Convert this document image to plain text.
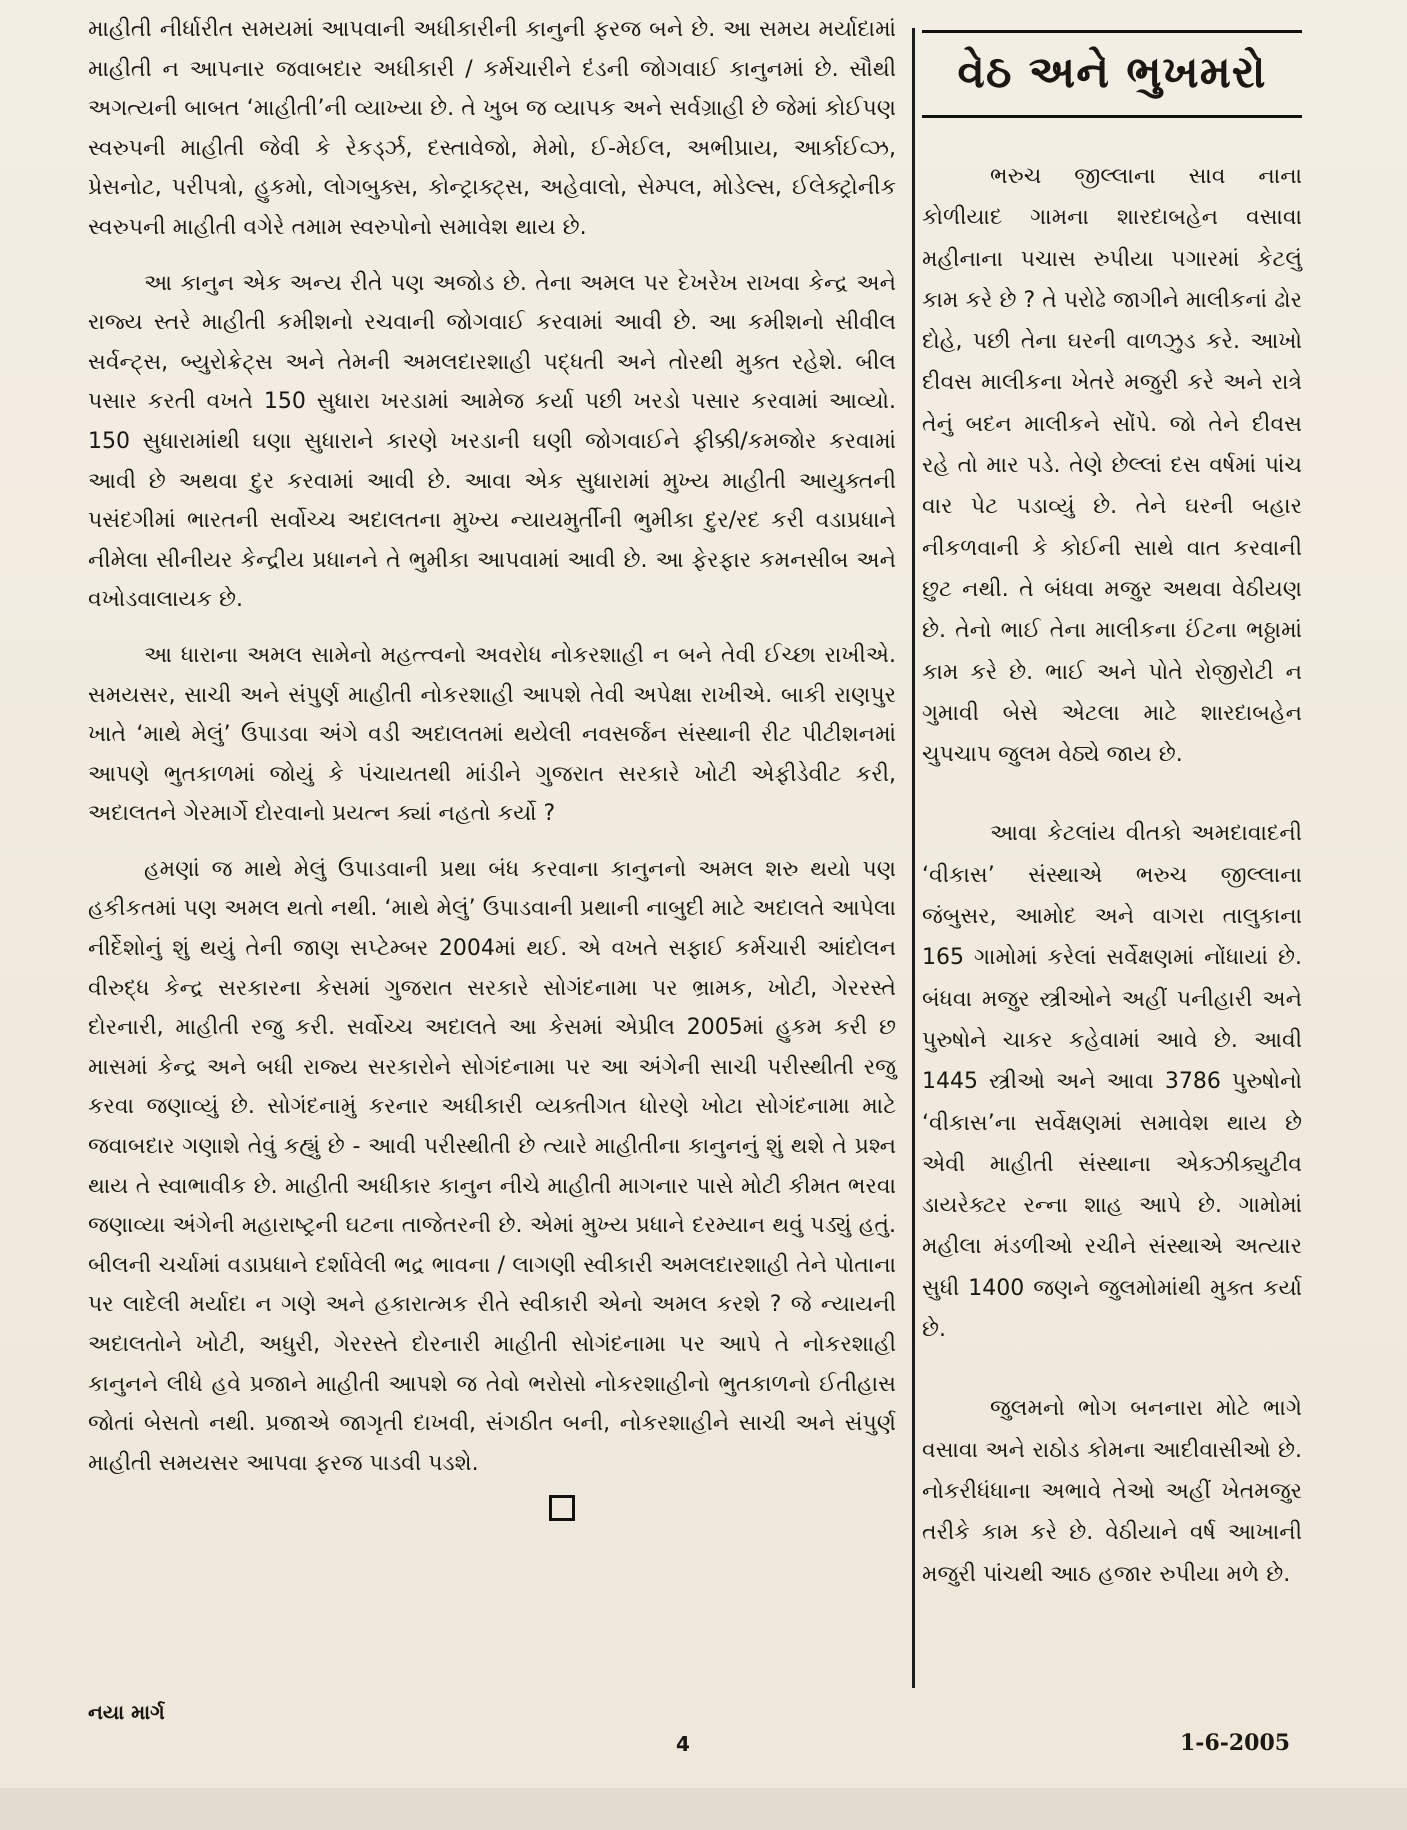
માહીતી નીર્ધારીત સમયમાં આપવાની અધીકારીની કાનુની ફરજ બને છે. આ સમય મર્યાદામાં માહીતી ન આપનાર જવાબદાર અધીકારી / કર્મચારીને દંડની જોગવાઈ કાનુનમાં છે. સૌથી અગત્યની બાબત ‘માહીતી’ની વ્યાખ્યા છે. તે ખુબ જ વ્યાપક અને સર્વગ્રાહી છે જેમાં કોઈપણ સ્વરુપની માહીતી જેવી કે રેકર્ડ્ઝ, દસ્તાવેજો, મેમો, ઈ-મેઈલ, અભીપ્રાય, આર્કાઈવ્ઝ, પ્રેસનોટ, પરીપત્રો, હુકમો, લોગબુક્સ, કોન્ટ્રાક્ટ્સ, અહેવાલો, સેમ્પલ, મોડેલ્સ, ઈલેક્ટ્રોનીક સ્વરુપની માહીતી વગેરે તમામ સ્વરુપોનો સમાવેશ થાય છે.

આ કાનુન એક અન્ય રીતે પણ અજોડ છે. તેના અમલ પર દેખરેખ રાખવા કેન્દ્ર અને રાજ્ય સ્તરે માહીતી કમીશનો રચવાની જોગવાઈ કરવામાં આવી છે. આ કમીશનો સીવીલ સર્વન્ટ્સ, બ્યુરોક્રેટ્સ અને તેમની અમલદારશાહી પદ્ધતી અને તોરથી મુક્ત રહેશે. બીલ પસાર કરતી વખતે 150 સુધારા ખરડામાં આમેજ કર્યા પછી ખરડો પસાર કરવામાં આવ્યો. 150 સુધારામાંથી ઘણા સુધારાને કારણે ખરડાની ઘણી જોગવાઈને ફીક્કી/કમજોર કરવામાં આવી છે અથવા દુર કરવામાં આવી છે. આવા એક સુધારામાં મુખ્ય માહીતી આયુક્તની પસંદગીમાં ભારતની સર્વોચ્ચ અદાલતના મુખ્ય ન્યાયમુર્તીની ભુમીકા દુર/રદ કરી વડાપ્રધાને નીમેલા સીનીયર કેન્દ્રીય પ્રધાનને તે ભુમીકા આપવામાં આવી છે. આ ફેરફાર કમનસીબ અને વખોડવાલાયક છે.

આ ધારાના અમલ સામેનો મહત્ત્વનો અવરોધ નોકરશાહી ન બને તેવી ઈચ્છા રાખીએ. સમયસર, સાચી અને સંપુર્ણ માહીતી નોકરશાહી આપશે તેવી અપેક્ષા રાખીએ. બાકી રાણપુર ખાતે ‘માથે મેલું’ ઉપાડવા અંગે વડી અદાલતમાં થયેલી નવસર્જન સંસ્થાની રીટ પીટીશનમાં આપણે ભુતકાળમાં જોયું કે પંચાયતથી માંડીને ગુજરાત સરકારે ખોટી એફીડેવીટ કરી, અદાલતને ગેરમાર્ગે દોરવાનો પ્રયત્ન ક્યાં નહતો કર્યો ?

હમણાં જ માથે મેલું ઉપાડવાની પ્રથા બંધ કરવાના કાનુનનો અમલ શરુ થયો પણ હકીકતમાં પણ અમલ થતો નથી. ‘માથે મેલું’ ઉપાડવાની પ્રથાની નાબુદી માટે અદાલતે આપેલા નીર્દેશોનું શું થયું તેની જાણ સપ્ટેમ્બર 2004માં થઈ. એ વખતે સફાઈ કર્મચારી આંદોલન વીરુદ્ધ કેન્દ્ર સરકારના કેસમાં ગુજરાત સરકારે સોગંદનામા પર ભ્રામક, ખોટી, ગેરરસ્તે દોરનારી, માહીતી રજુ કરી. સર્વોચ્ચ અદાલતે આ કેસમાં એપ્રીલ 2005માં હુકમ કરી છ માસમાં કેન્દ્ર અને બધી રાજ્ય સરકારોને સોગંદનામા પર આ અંગેની સાચી પરીસ્થીતી રજુ કરવા જણાવ્યું છે. સોગંદનામું કરનાર અધીકારી વ્યક્તીગત ધોરણે ખોટા સોગંદનામા માટે જવાબદાર ગણાશે તેવું કહ્યું છે - આવી પરીસ્થીતી છે ત્યારે માહીતીના કાનુનનું શું થશે તે પ્રશ્ન થાય તે સ્વાભાવીક છે. માહીતી અધીકાર કાનુન નીચે માહીતી માગનાર પાસે મોટી કીમત ભરવા જણાવ્યા અંગેની મહારાષ્ટ્રની ઘટના તાજેતરની છે. એમાં મુખ્ય પ્રધાને દરમ્યાન થવું પડ્યું હતું. બીલની ચર્ચામાં વડાપ્રધાને દર્શાવેલી ભદ્ર ભાવના / લાગણી સ્વીકારી અમલદારશાહી તેને પોતાના પર લાદેલી મર્યાદા ન ગણે અને હકારાત્મક રીતે સ્વીકારી એનો અમલ કરશે ? જે ન્યાયની અદાલતોને ખોટી, અધુરી, ગેરરસ્તે દોરનારી માહીતી સોગંદનામા પર આપે તે નોકરશાહી કાનુનને લીધે હવે પ્રજાને માહીતી આપશે જ તેવો ભરોસો નોકરશાહીનો ભુતકાળનો ઈતીહાસ જોતાં બેસતો નથી. પ્રજાએ જાગૃતી દાખવી, સંગઠીત બની, નોકરશાહીને સાચી અને સંપુર્ણ માહીતી સમયસર આપવા ફરજ પાડવી પડશે.

વેઠ અને ભુખમરો

ભરુચ જીલ્લાના સાવ નાના કોળીયાદ ગામના શારદાબહેન વસાવા મહીનાના પચાસ રુપીયા પગારમાં કેટલું કામ કરે છે ? તે પરોઢે જાગીને માલીકનાં ઢોર દોહે, પછી તેના ઘરની વાળઝુડ કરે. આખો દીવસ માલીકના ખેતરે મજુરી કરે અને રાત્રે તેનું બદન માલીકને સોંપે. જો તેને દીવસ રહે તો માર પડે. તેણે છેલ્લાં દસ વર્ષમાં પાંચ વાર પેટ પડાવ્યું છે. તેને ઘરની બહાર નીકળવાની કે કોઈની સાથે વાત કરવાની છુટ નથી. તે બંધવા મજુર અથવા વેઠીયણ છે. તેનો ભાઈ તેના માલીકના ઈંટના ભઠ્ઠામાં કામ કરે છે. ભાઈ અને પોતે રોજીરોટી ન ગુમાવી બેસે એટલા માટે શારદાબહેન ચુપચાપ જુલમ વેઠ્યે જાય છે.

આવા કેટલાંય વીતકો અમદાવાદની ‘વીકાસ’ સંસ્થાએ ભરુચ જીલ્લાના જંબુસર, આમોદ અને વાગરા તાલુકાના 165 ગામોમાં કરેલાં સર્વેક્ષણમાં નોંધાયાં છે. બંધવા મજુર સ્ત્રીઓને અહીં પનીહારી અને પુરુષોને ચાકર કહેવામાં આવે છે. આવી 1445 સ્ત્રીઓ અને આવા 3786 પુરુષોનો ‘વીકાસ’ના સર્વેક્ષણમાં સમાવેશ થાય છે એવી માહીતી સંસ્થાના એક્ઝીક્યુટીવ ડાયરેક્ટર રન્ના શાહ આપે છે. ગામોમાં મહીલા મંડળીઓ રચીને સંસ્થાએ અત્યાર સુધી 1400 જણને જુલમોમાંથી મુક્ત કર્યા છે.

જુલમનો ભોગ બનનારા મોટે ભાગે વસાવા અને રાઠોડ કોમના આદીવાસીઓ છે. નોકરીધંધાના અભાવે તેઓ અહીં ખેતમજુર તરીકે કામ કરે છે. વેઠીયાને વર્ષ આખાની મજુરી પાંચથી આઠ હજાર રુપીયા મળે છે.

નયા માર્ગ
4	1-6-2005
